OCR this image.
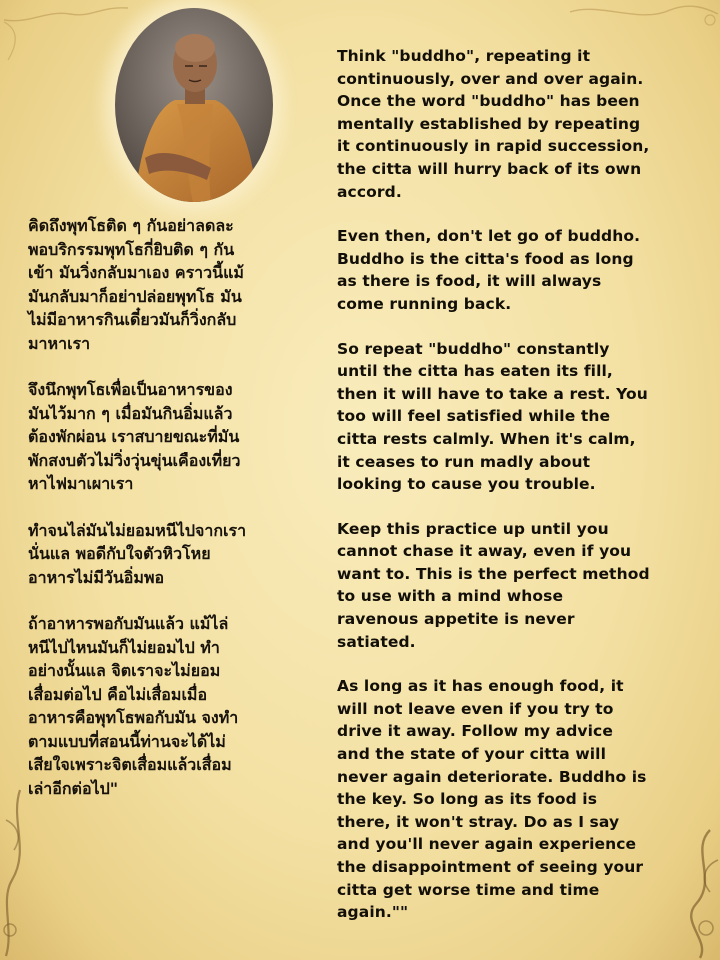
คิดถึงพุทโธติด ๆ กันอย่าลดละ
พอบริกรรมพุทโธกี่ยิบติด ๆ กัน
เข้า มันวิ่งกลับมาเอง คราวนี้แม้
มันกลับมาก็อย่าปล่อยพุทโธ มัน
ไม่มีอาหารกินเดี๋ยวมันก็วิ่งกลับ
มาหาเรา

จึงนึกพุทโธเพื่อเป็นอาหารของ
มันไว้มาก ๆ เมื่อมันกินอิ่มแล้ว
ต้องพักผ่อน เราสบายขณะที่มัน
พักสงบตัวไม่วิ่งวุ่นขุ่นเคืองเที่ยว
หาไฟมาเผาเรา

ทำจนไล่มันไม่ยอมหนีไปจากเรา
นั่นแล พอดีกับใจตัวหิวโหย
อาหารไม่มีวันอิ่มพอ

ถ้าอาหารพอกับมันแล้ว แม้ไล่
หนีไปไหนมันก็ไม่ยอมไป ทำ
อย่างนั้นแล จิตเราจะไม่ยอม
เสื่อมต่อไป คือไม่เสื่อมเมื่อ
อาหารคือพุทโธพอกับมัน จงทำ
ตามแบบที่สอนนี้ท่านจะได้ไม่
เสียใจเพราะจิตเสื่อมแล้วเสื่อม
เล่าอีกต่อไป"

Think "buddho", repeating it
continuously, over and over again.
Once the word "buddho" has been
mentally established by repeating
it continuously in rapid succession,
the citta will hurry back of its own
accord.

Even then, don't let go of buddho.
Buddho is the citta's food as long
as there is food, it will always
come running back.

So repeat "buddho" constantly
until the citta has eaten its fill,
then it will have to take a rest. You
too will feel satisfied while the
citta rests calmly. When it's calm,
it ceases to run madly about
looking to cause you trouble.

Keep this practice up until you
cannot chase it away, even if you
want to. This is the perfect method
to use with a mind whose
ravenous appetite is never
satiated.

As long as it has enough food, it
will not leave even if you try to
drive it away. Follow my advice
and the state of your citta will
never again deteriorate. Buddho is
the key. So long as its food is
there, it won't stray. Do as I say
and you'll never again experience
the disappointment of seeing your
citta get worse time and time
again.""
